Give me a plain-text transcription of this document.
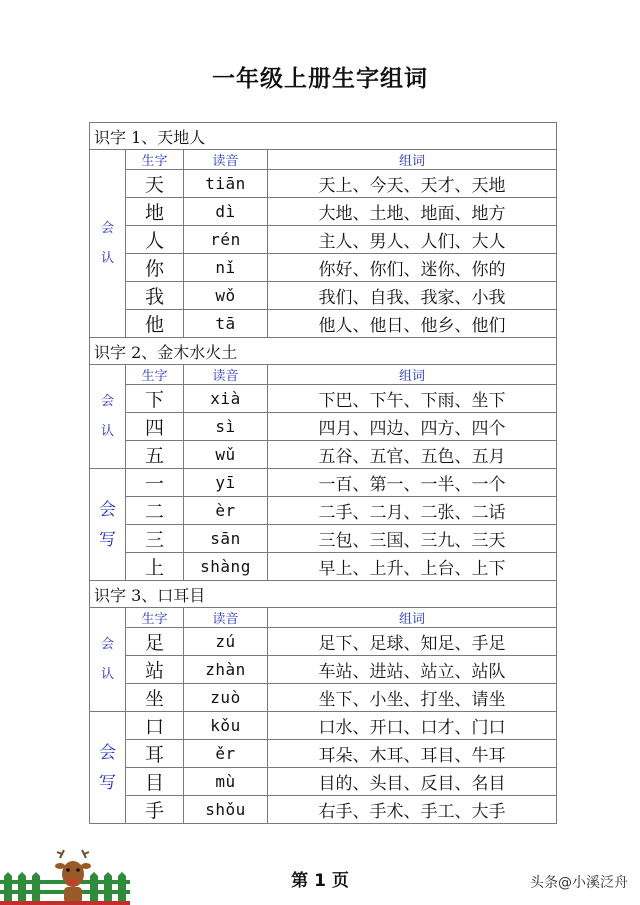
一年级上册生字组词
识字 1、天地人			

会
认	生字	读音	组词
	天	tiān	天上、今天、天才、天地
	地	dì	大地、土地、地面、地方
	人	rén	主人、男人、人们、大人
	你	nǐ	你好、你们、迷你、你的
	我	wǒ	我们、自我、我家、小我
	他	tā	他人、他日、他乡、他们
识字 2、金木水火土			

会
认	生字	读音	组词
	下	xià	下巴、下午、下雨、坐下
	四	sì	四月、四边、四方、四个
	五	wǔ	五谷、五官、五色、五月

会
写	一	yī	一百、第一、一半、一个
	二	èr	二手、二月、二张、二话
	三	sān	三包、三国、三九、三天
	上	shàng	早上、上升、上台、上下
识字 3、口耳目			

会
认	生字	读音	组词
	足	zú	足下、足球、知足、手足
	站	zhàn	车站、进站、站立、站队
	坐	zuò	坐下、小坐、打坐、请坐

会
写	口	kǒu	口水、开口、口才、门口
	耳	ěr	耳朵、木耳、耳目、牛耳
	目	mù	目的、头目、反目、名目
	手	shǒu	右手、手术、手工、大手
第 1 页	头条@小溪泛舟
